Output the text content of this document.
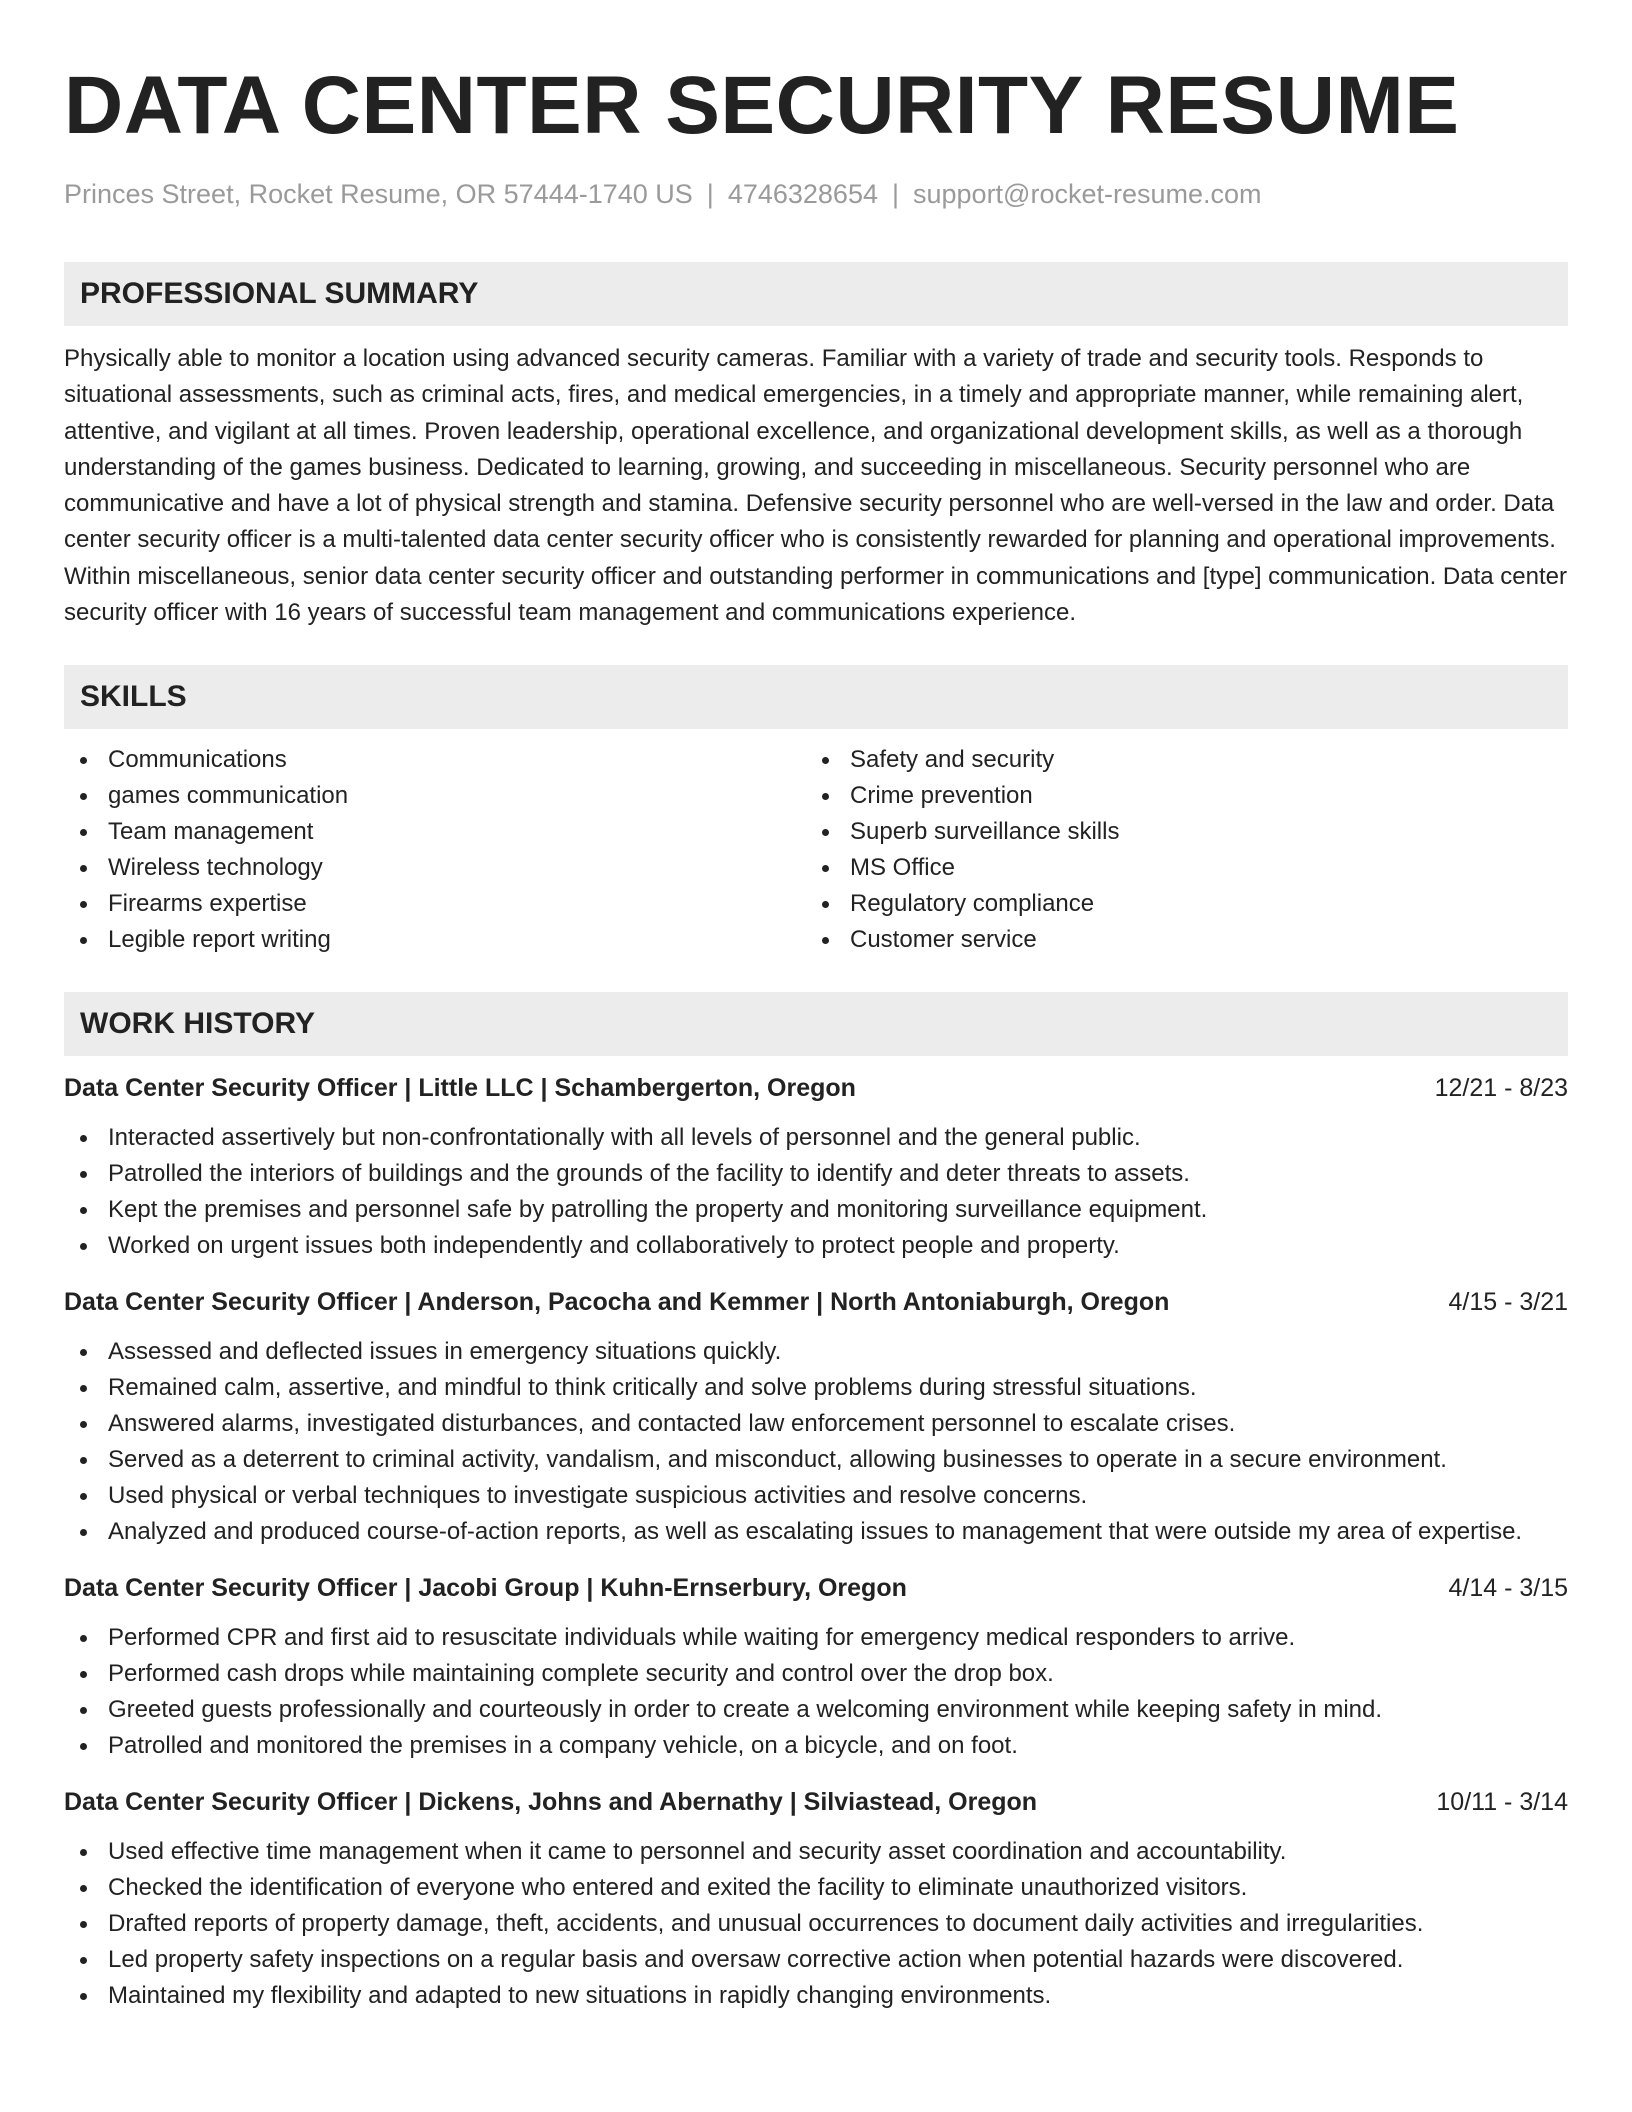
DATA CENTER SECURITY RESUME
Princes Street, Rocket Resume, OR 57444-1740 US | 4746328654 | support@rocket-resume.com
PROFESSIONAL SUMMARY
Physically able to monitor a location using advanced security cameras. Familiar with a variety of trade and security tools. Responds to situational assessments, such as criminal acts, fires, and medical emergencies, in a timely and appropriate manner, while remaining alert, attentive, and vigilant at all times. Proven leadership, operational excellence, and organizational development skills, as well as a thorough understanding of the games business. Dedicated to learning, growing, and succeeding in miscellaneous. Security personnel who are communicative and have a lot of physical strength and stamina. Defensive security personnel who are well-versed in the law and order. Data center security officer is a multi-talented data center security officer who is consistently rewarded for planning and operational improvements. Within miscellaneous, senior data center security officer and outstanding performer in communications and [type] communication. Data center security officer with 16 years of successful team management and communications experience.
SKILLS
Communications
games communication
Team management
Wireless technology
Firearms expertise
Legible report writing
Safety and security
Crime prevention
Superb surveillance skills
MS Office
Regulatory compliance
Customer service
WORK HISTORY
Data Center Security Officer | Little LLC | Schambergerton, Oregon	12/21 - 8/23
Interacted assertively but non-confrontationally with all levels of personnel and the general public.
Patrolled the interiors of buildings and the grounds of the facility to identify and deter threats to assets.
Kept the premises and personnel safe by patrolling the property and monitoring surveillance equipment.
Worked on urgent issues both independently and collaboratively to protect people and property.
Data Center Security Officer | Anderson, Pacocha and Kemmer | North Antoniaburgh, Oregon	4/15 - 3/21
Assessed and deflected issues in emergency situations quickly.
Remained calm, assertive, and mindful to think critically and solve problems during stressful situations.
Answered alarms, investigated disturbances, and contacted law enforcement personnel to escalate crises.
Served as a deterrent to criminal activity, vandalism, and misconduct, allowing businesses to operate in a secure environment.
Used physical or verbal techniques to investigate suspicious activities and resolve concerns.
Analyzed and produced course-of-action reports, as well as escalating issues to management that were outside my area of expertise.
Data Center Security Officer | Jacobi Group | Kuhn-Ernserbury, Oregon	4/14 - 3/15
Performed CPR and first aid to resuscitate individuals while waiting for emergency medical responders to arrive.
Performed cash drops while maintaining complete security and control over the drop box.
Greeted guests professionally and courteously in order to create a welcoming environment while keeping safety in mind.
Patrolled and monitored the premises in a company vehicle, on a bicycle, and on foot.
Data Center Security Officer | Dickens, Johns and Abernathy | Silviastead, Oregon	10/11 - 3/14
Used effective time management when it came to personnel and security asset coordination and accountability.
Checked the identification of everyone who entered and exited the facility to eliminate unauthorized visitors.
Drafted reports of property damage, theft, accidents, and unusual occurrences to document daily activities and irregularities.
Led property safety inspections on a regular basis and oversaw corrective action when potential hazards were discovered.
Maintained my flexibility and adapted to new situations in rapidly changing environments.
